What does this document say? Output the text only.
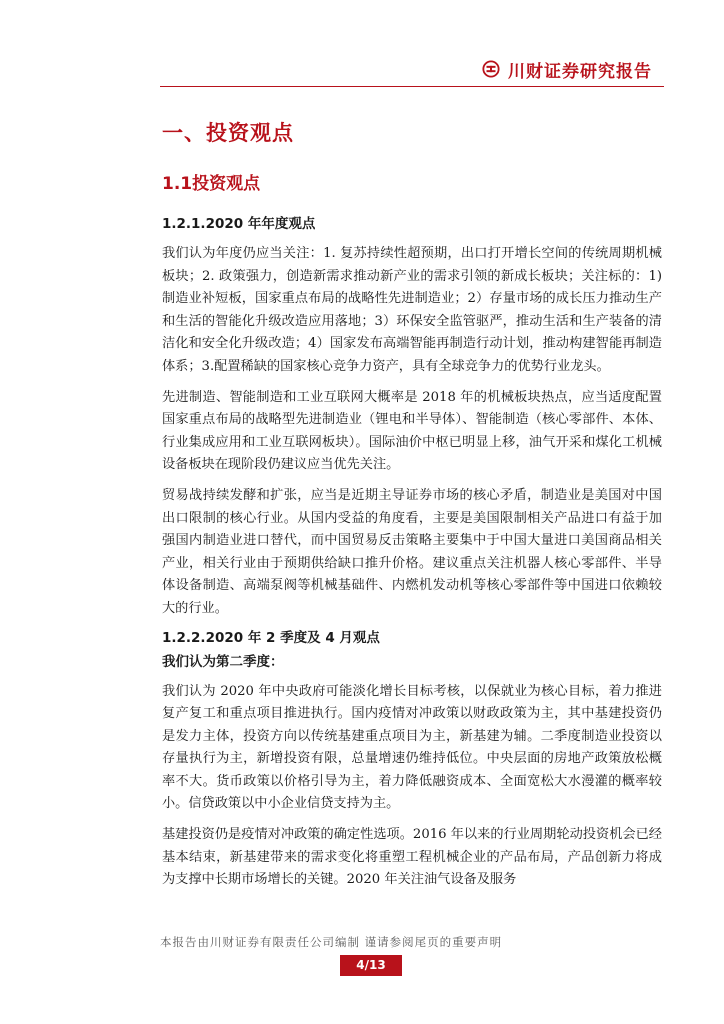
川财证券研究报告
一、投资观点
1.1投资观点
1.2.1.2020 年年度观点

我们认为年度仍应当关注：1. 复苏持续性超预期，出口打开增长空间的传统周期机械板块；2. 政策强力，创造新需求推动新产业的需求引领的新成长板块；关注标的：1)制造业补短板，国家重点布局的战略性先进制造业；2）存量市场的成长压力推动生产和生活的智能化升级改造应用落地；3）环保安全监管驱严，推动生活和生产装备的清洁化和安全化升级改造；4）国家发布高端智能再制造行动计划，推动构建智能再制造体系；3.配置稀缺的国家核心竞争力资产，具有全球竞争力的优势行业龙头。

先进制造、智能制造和工业互联网大概率是 2018 年的机械板块热点，应当适度配置国家重点布局的战略型先进制造业（锂电和半导体）、智能制造（核心零部件、本体、行业集成应用和工业互联网板块）。国际油价中枢已明显上移，油气开采和煤化工机械设备板块在现阶段仍建议应当优先关注。

贸易战持续发酵和扩张，应当是近期主导证券市场的核心矛盾，制造业是美国对中国出口限制的核心行业。从国内受益的角度看，主要是美国限制相关产品进口有益于加强国内制造业进口替代，而中国贸易反击策略主要集中于中国大量进口美国商品相关产业，相关行业由于预期供给缺口推升价格。建议重点关注机器人核心零部件、半导体设备制造、高端泵阀等机械基础件、内燃机发动机等核心零部件等中国进口依赖较大的行业。

1.2.2.2020 年 2 季度及 4 月观点

我们认为第二季度：

我们认为 2020 年中央政府可能淡化增长目标考核，以保就业为核心目标，着力推进复产复工和重点项目推进执行。国内疫情对冲政策以财政政策为主，其中基建投资仍是发力主体，投资方向以传统基建重点项目为主，新基建为辅。二季度制造业投资以存量执行为主，新增投资有限，总量增速仍维持低位。中央层面的房地产政策放松概率不大。货币政策以价格引导为主，着力降低融资成本、全面宽松大水漫灌的概率较小。信贷政策以中小企业信贷支持为主。

基建投资仍是疫情对冲政策的确定性选项。2016 年以来的行业周期轮动投资机会已经基本结束，新基建带来的需求变化将重塑工程机械企业的产品布局，产品创新力将成为支撑中长期市场增长的关键。2020 年关注油气设备及服务

本报告由川财证券有限责任公司编制 谨请参阅尾页的重要声明
4/13
